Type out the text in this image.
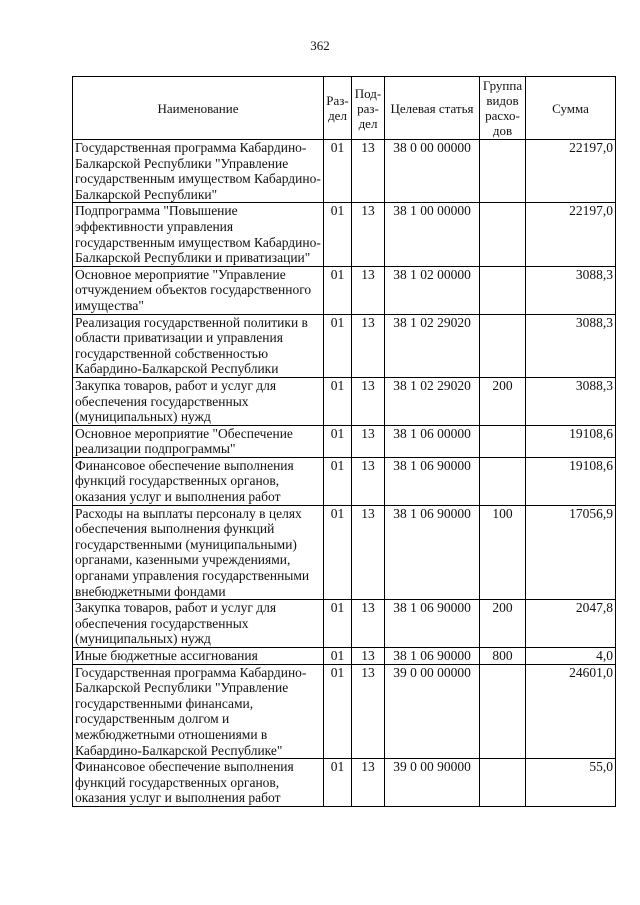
362
Наименование	Раз-дел	Под-раз-дел	Целевая статья	Группа видов расхо-дов	Сумма
Государственная программа Кабардино-Балкарской Республики "Управление государственным имуществом Кабардино-Балкарской Республики"	01	13	38 0 00 00000		22197,0
Подпрограмма "Повышение эффективности управления государственным имуществом Кабардино-Балкарской Республики и приватизации"	01	13	38 1 00 00000		22197,0
Основное мероприятие "Управление отчуждением объектов государственного имущества"	01	13	38 1 02 00000		3088,3
Реализация государственной политики в области приватизации и управления государственной собственностью Кабардино-Балкарской Республики	01	13	38 1 02 29020		3088,3
Закупка товаров, работ и услуг для обеспечения государственных (муниципальных) нужд	01	13	38 1 02 29020	200	3088,3
Основное мероприятие "Обеспечение реализации подпрограммы"	01	13	38 1 06 00000		19108,6
Финансовое обеспечение выполнения функций государственных органов, оказания услуг и выполнения работ	01	13	38 1 06 90000		19108,6
Расходы на выплаты персоналу в целях обеспечения выполнения функций государственными (муниципальными) органами, казенными учреждениями, органами управления государственными внебюджетными фондами	01	13	38 1 06 90000	100	17056,9
Закупка товаров, работ и услуг для обеспечения государственных (муниципальных) нужд	01	13	38 1 06 90000	200	2047,8
Иные бюджетные ассигнования	01	13	38 1 06 90000	800	4,0
Государственная программа Кабардино-Балкарской Республики "Управление государственными финансами, государственным долгом и межбюджетными отношениями в Кабардино-Балкарской Республике"	01	13	39 0 00 00000		24601,0
Финансовое обеспечение выполнения функций государственных органов, оказания услуг и выполнения работ	01	13	39 0 00 90000		55,0
